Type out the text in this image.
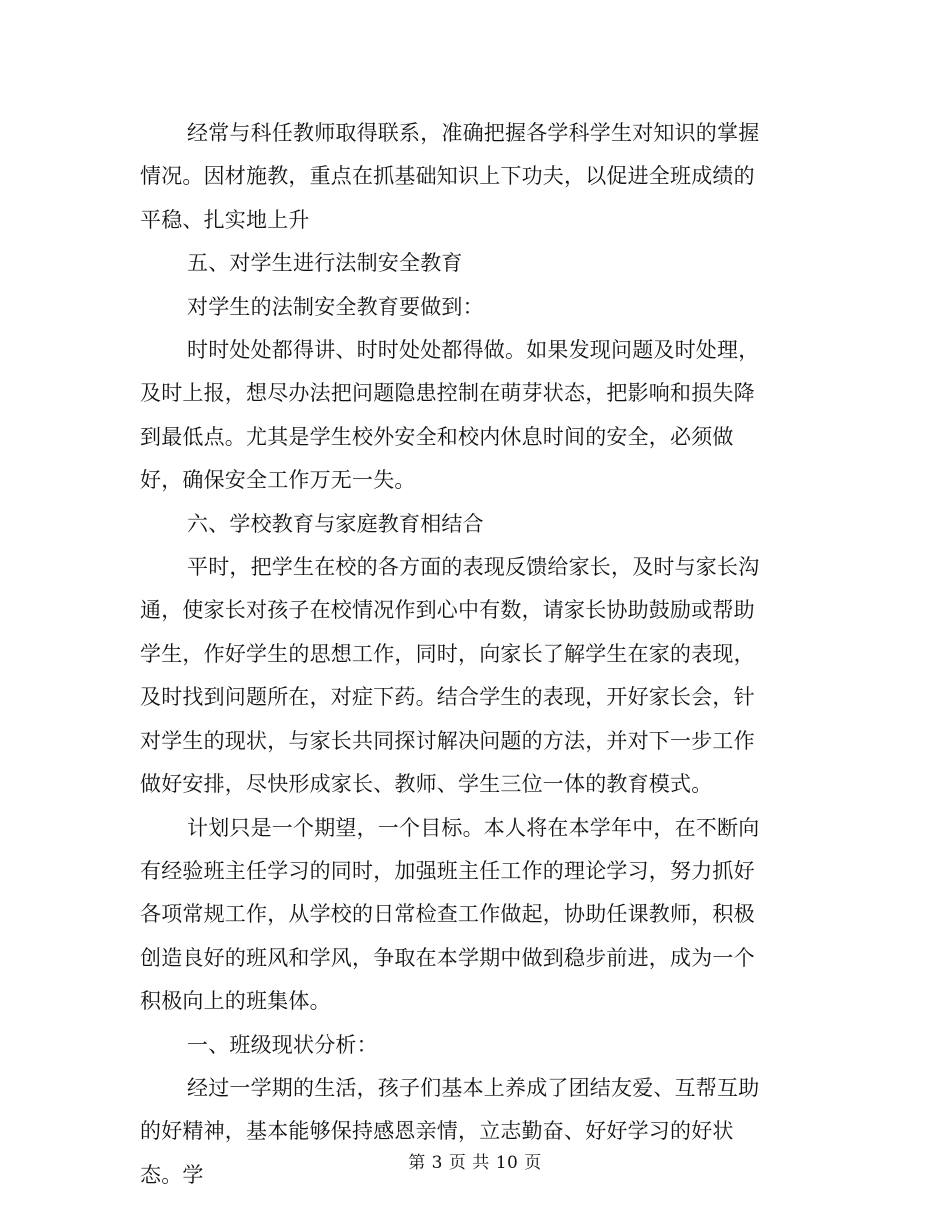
经常与科任教师取得联系，准确把握各学科学生对知识的掌握情况。因材施教，重点在抓基础知识上下功夫，以促进全班成绩的平稳、扎实地上升

五、对学生进行法制安全教育

对学生的法制安全教育要做到：

时时处处都得讲、时时处处都得做。如果发现问题及时处理，及时上报，想尽办法把问题隐患控制在萌芽状态，把影响和损失降到最低点。尤其是学生校外安全和校内休息时间的安全，必须做好，确保安全工作万无一失。

六、学校教育与家庭教育相结合

平时，把学生在校的各方面的表现反馈给家长，及时与家长沟通，使家长对孩子在校情况作到心中有数，请家长协助鼓励或帮助学生，作好学生的思想工作，同时，向家长了解学生在家的表现，及时找到问题所在，对症下药。结合学生的表现，开好家长会，针对学生的现状，与家长共同探讨解决问题的方法，并对下一步工作做好安排，尽快形成家长、教师、学生三位一体的教育模式。

计划只是一个期望，一个目标。本人将在本学年中，在不断向有经验班主任学习的同时，加强班主任工作的理论学习，努力抓好各项常规工作，从学校的日常检查工作做起，协助任课教师，积极创造良好的班风和学风，争取在本学期中做到稳步前进，成为一个积极向上的班集体。

一、班级现状分析：

经过一学期的生活，孩子们基本上养成了团结友爱、互帮互助的好精神，基本能够保持感恩亲情，立志勤奋、好好学习的好状态。学	第 3 页 共 10 页
